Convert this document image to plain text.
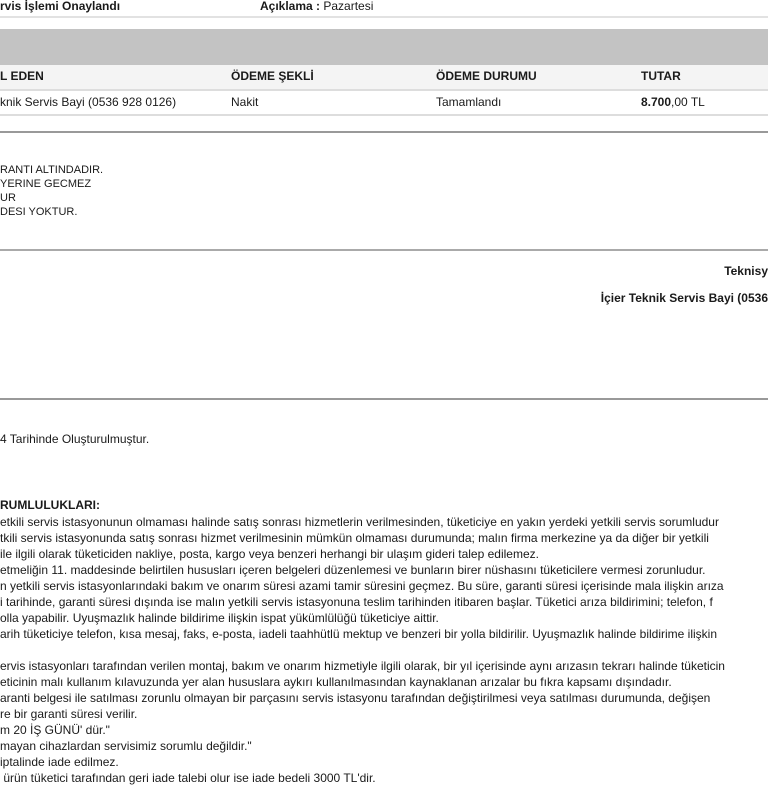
rvis İşlemi Onaylandı	Açıklama : Pazartesi
L EDEN	ÖDEME ŞEKLİ	ÖDEME DURUMU	TUTAR
knik Servis Bayi (0536 928 0126)	Nakit	Tamamlandı	8.700,00 TL
RANTI ALTINDADIR.
YERINE GECMEZ
UR
DESI YOKTUR.
Teknisy
İçier Teknik Servis Bayi (0536
4 Tarihinde Oluşturulmuştur.
RUMLULUKLARI:
etkili servis istasyonunun olmaması halinde satış sonrası hizmetlerin verilmesinden, tüketiciye en yakın yerdeki yetkili servis sorumludur
tkili servis istasyonunda satış sonrası hizmet verilmesinin mümkün olmaması durumunda; malın firma merkezine ya da diğer bir yetkili
ile ilgili olarak tüketiciden nakliye, posta, kargo veya benzeri herhangi bir ulaşım gideri talep edilemez.
etmeliğin 11. maddesinde belirtilen hususları içeren belgeleri düzenlemesi ve bunların birer nüshasını tüketicilere vermesi zorunludur.
n yetkili servis istasyonlarındaki bakım ve onarım süresi azami tamir süresini geçmez. Bu süre, garanti süresi içerisinde mala ilişkin arıza
i tarihinde, garanti süresi dışında ise malın yetkili servis istasyonuna teslim tarihinden itibaren başlar. Tüketici arıza bildirimini; telefon, f
olla yapabilir. Uyuşmazlık halinde bildirime ilişkin ispat yükümlülüğü tüketiciye aittir.
arih tüketiciye telefon, kısa mesaj, faks, e-posta, iadeli taahhütlü mektup ve benzeri bir yolla bildirilir. Uyuşmazlık halinde bildirime ilişkin
ervis istasyonları tarafından verilen montaj, bakım ve onarım hizmetiyle ilgili olarak, bir yıl içerisinde aynı arızasın tekrarı halinde tüketicin
eticinin malı kullanım kılavuzunda yer alan hususlara aykırı kullanılmasından kaynaklanan arızalar bu fıkra kapsamı dışındadır.
aranti belgesi ile satılması zorunlu olmayan bir parçasını servis istasyonu tarafından değiştirilmesi veya satılması durumunda, değişen
re bir garanti süresi verilir.
m 20 İŞ GÜNÜ' dür."
mayan cihazlardan servisimiz sorumlu değildir."
iptalinde iade edilmez.
ürün tüketici tarafından geri iade talebi olur ise iade bedeli 3000 TL'dir.
